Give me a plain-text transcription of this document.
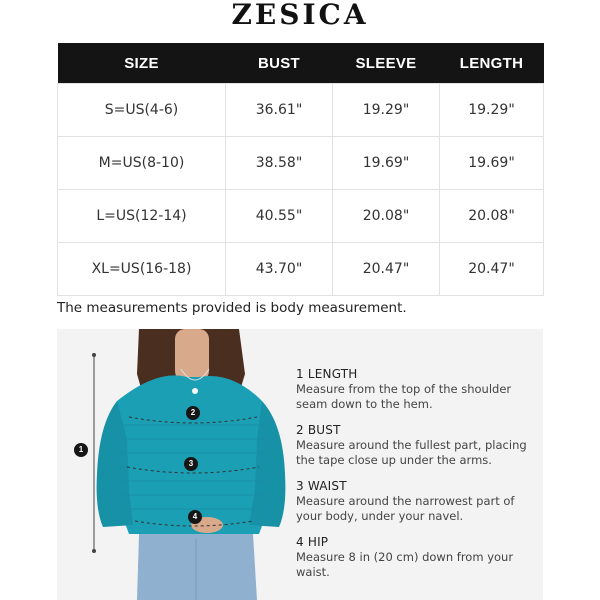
ZESICA
SIZE	BUST	SLEEVE	LENGTH
S=US(4-6)	36.61"	19.29"	19.29"
M=US(8-10)	38.58"	19.69"	19.69"
L=US(12-14)	40.55"	20.08"	20.08"
XL=US(16-18)	43.70"	20.47"	20.47"
The measurements provided is body measurement.
1
2
3
4
1 LENGTH
Measure from the top of the shoulder seam down to the hem.
2 BUST
Measure around the fullest part, placing the tape close up under the arms.
3 WAIST
Measure around the narrowest part of your body, under your navel.
4 HIP
Measure 8 in (20 cm) down from your waist.
